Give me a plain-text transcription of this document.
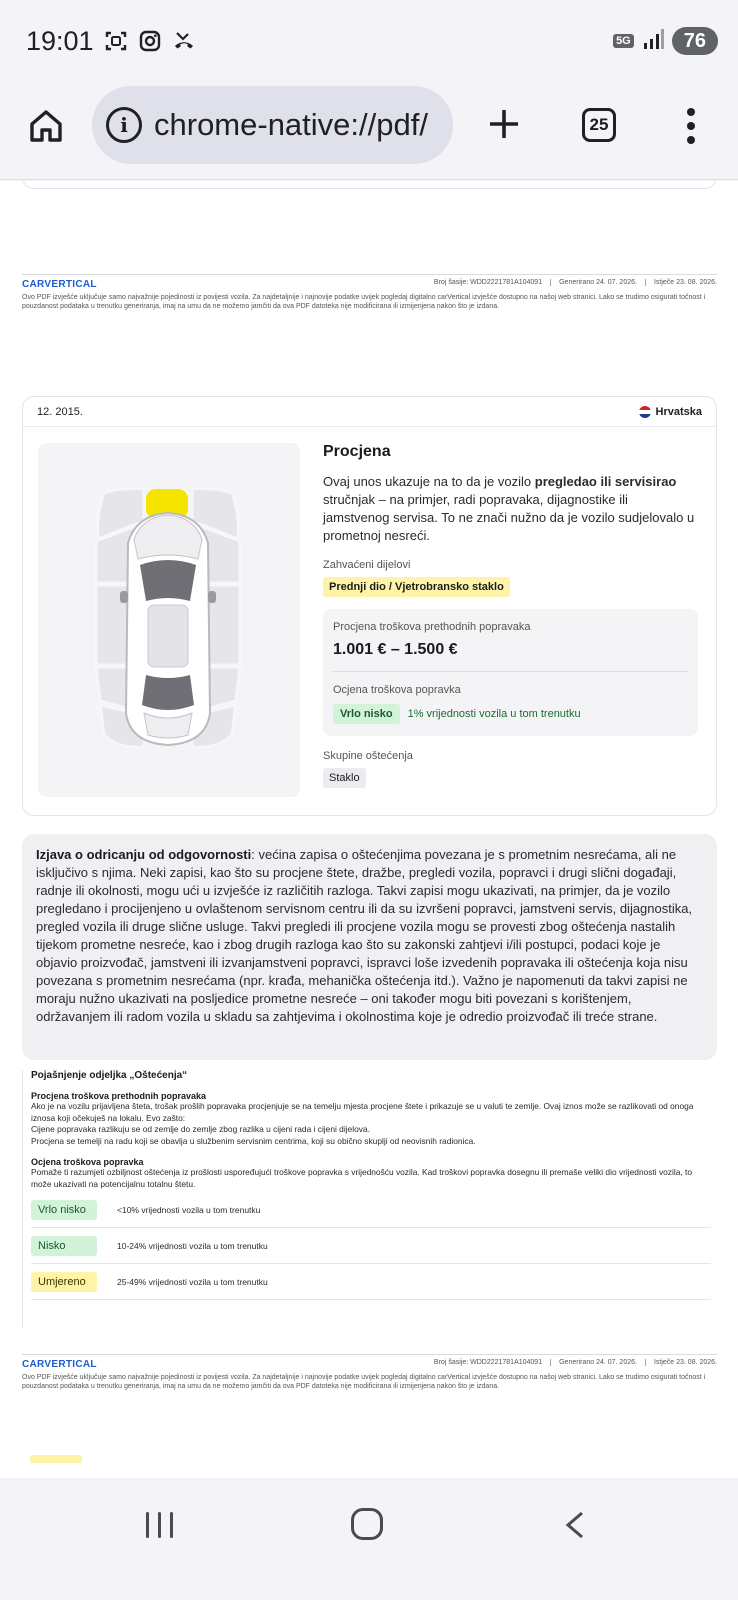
19:01	5G	76
i chrome-native://pdf/	25
CARVERTICAL	Broj šasije: WDD2221781A104091	Generirano 24. 07. 2026.	Istječe 23. 08. 2026.
Ovo PDF izvješće uključuje samo najvažnije pojedinosti iz povijesti vozila. Za najdetaljnije i najnovije podatke uvijek pogledaj digitalno carVertical izvješće dostupno na našoj web stranici. Lako se trudimo osigurati točnost i pouzdanost podataka u trenutku generiranja, imaj na umu da ne možemo jamčiti da ova PDF datoteka nije modificirana ili izmijenjena nakon što je izdana.
12. 2015.	Hrvatska
Procjena

Ovaj unos ukazuje na to da je vozilo pregledao ili servisirao stručnjak – na primjer, radi popravaka, dijagnostike ili jamstvenog servisa. To ne znači nužno da je vozilo sudjelovalo u prometnoj nesreći.

Zahvaćeni dijelovi
Prednji dio / Vjetrobransko staklo
Procjena troškova prethodnih popravaka
1.001 € – 1.500 €
Ocjena troškova popravka
Vrlo nisko	1% vrijednosti vozila u tom trenutku
Skupine oštećenja
Staklo
Izjava o odricanju od odgovornosti: većina zapisa o oštećenjima povezana je s prometnim nesrećama, ali ne isključivo s njima. Neki zapisi, kao što su procjene štete, dražbe, pregledi vozila, popravci i drugi slični događaji, radnje ili okolnosti, mogu ući u izvješće iz različitih razloga. Takvi zapisi mogu ukazivati, na primjer, da je vozilo pregledano i procijenjeno u ovlaštenom servisnom centru ili da su izvršeni popravci, jamstveni servis, dijagnostika, pregled vozila ili druge slične usluge. Takvi pregledi ili procjene vozila mogu se provesti zbog oštećenja nastalih tijekom prometne nesreće, kao i zbog drugih razloga kao što su zakonski zahtjevi i/ili postupci, podaci koje je objavio proizvođač, jamstveni ili izvanjamstveni popravci, ispravci loše izvedenih popravaka ili oštećenja koja nisu povezana s prometnim nesrećama (npr. krađa, mehanička oštećenja itd.). Važno je napomenuti da takvi zapisi ne moraju nužno ukazivati na posljedice prometne nesreće – oni također mogu biti povezani s korištenjem, održavanjem ili radom vozila u skladu sa zahtjevima i okolnostima koje je odredio proizvođač ili treće strane.
Pojašnjenje odjeljka „Oštećenja“
Procjena troškova prethodnih popravaka

Ako je na vozilu prijavljena šteta, trošak prošlih popravaka procjenjuje se na temelju mjesta procjene štete i prikazuje se u valuti te zemlje. Ovaj iznos može se razlikovati od onoga iznosa koji očekuješ na lokalu. Evo zašto:

Cijene popravaka razlikuju se od zemlje do zemlje zbog razlika u cijeni rada i cijeni dijelova.

Procjena se temelji na radu koji se obavlja u službenim servisnim centrima, koji su obično skuplji od neovisnih radionica.

Ocjena troškova popravka

Pomaže ti razumjeti ozbiljnost oštećenja iz prošlosti uspoređujući troškove popravka s vrijednošću vozila. Kad troškovi popravka dosegnu ili premaše veliki dio vrijednosti vozila, to može ukazivati na potencijalnu totalnu štetu.

Vrlo nisko	<10% vrijednosti vozila u tom trenutku
Nisko	10-24% vrijednosti vozila u tom trenutku
Umjereno	25-49% vrijednosti vozila u tom trenutku
CARVERTICAL	Broj šasije: WDD2221781A104091	Generirano 24. 07. 2026.	Istječe 23. 08. 2026.
Ovo PDF izvješće uključuje samo najvažnije pojedinosti iz povijesti vozila. Za najdetaljnije i najnovije podatke uvijek pogledaj digitalno carVertical izvješće dostupno na našoj web stranici. Lako se trudimo osigurati točnost i pouzdanost podataka u trenutku generiranja, imaj na umu da ne možemo jamčiti da ova PDF datoteka nije modificirana ili izmijenjena nakon što je izdana.
